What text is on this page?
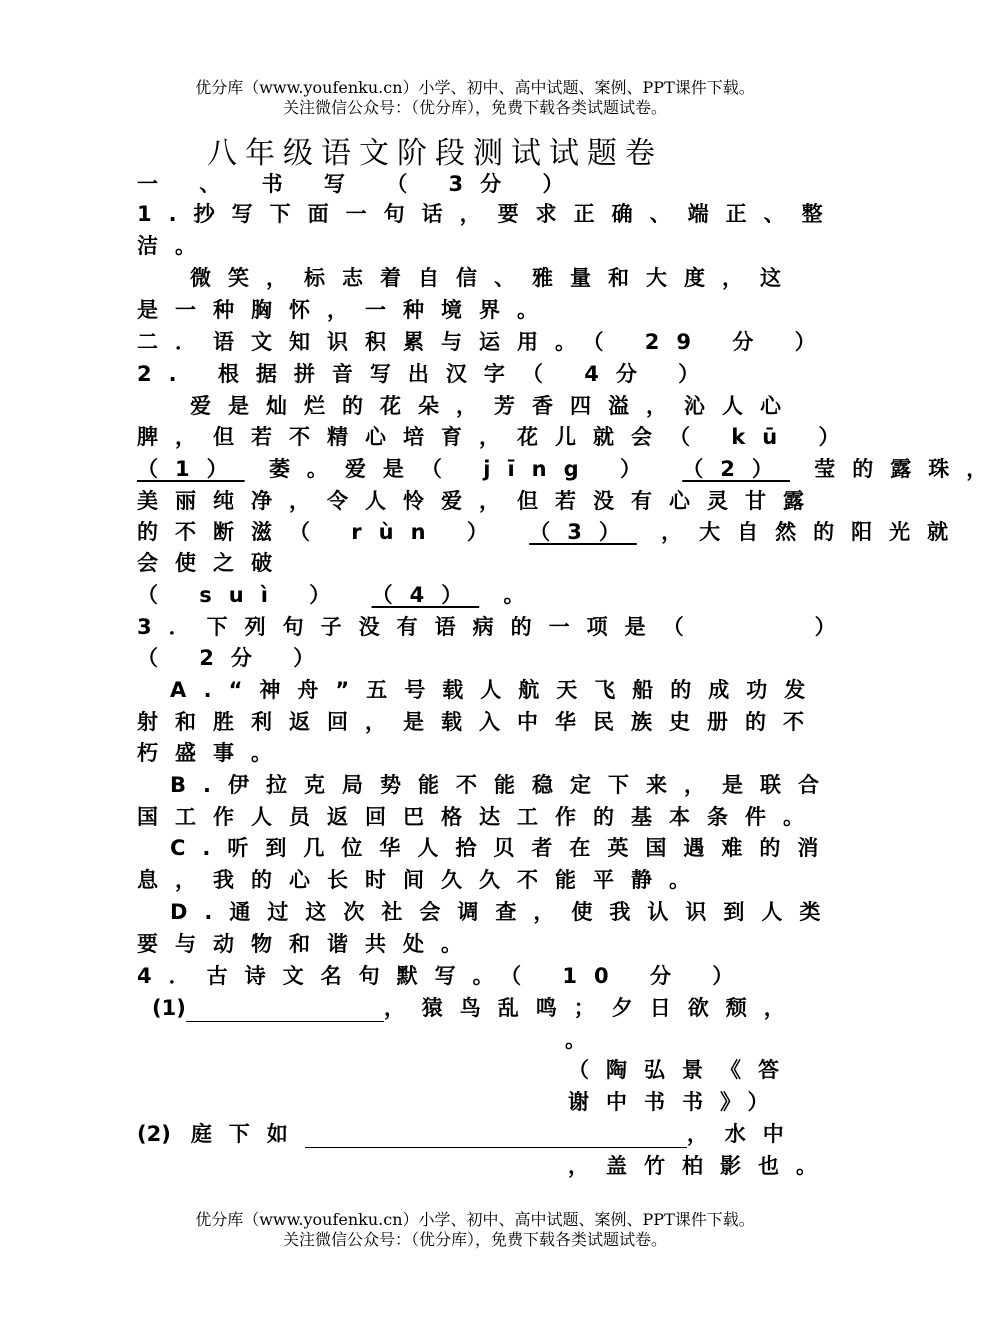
优分库（www.youfenku.cn）小学、初中、高中试题、案例、PPT课件下载。
关注微信公众号：（优分库），免费下载各类试题试卷。
八年级语文阶段测试试题卷
一 、 书 写 （ 3分 ）
1.抄写下面一句话，要求正确、端正、整
洁。
微笑，标志着自信、雅量和大度，这
是一种胸怀，一种境界。
二．语文知识积累与运用。（ 29 分 ）
2. 根据拼音写出汉字（ 4分 ）
爱是灿烂的花朵，芳香四溢，沁人心
脾，但若不精心培育，花儿就会（ kū ）
（1） 萎。爱是（ jīng ） （2） 莹的露珠，
美丽纯净，令人怜爱，但若没有心灵甘露
的不断滋（ rùn ） （3） ，大自然的阳光就
会使之破
（ suì ） （4） 。
3．下列句子没有语病的一项是（　　　）
（ 2分 ）
A.“神舟”五号载人航天飞船的成功发
射和胜利返回，是载入中华民族史册的不
朽盛事。
B.伊拉克局势能不能稳定下来，是联合
国工作人员返回巴格达工作的基本条件。
C.听到几位华人拾贝者在英国遇难的消
息，我的心长时间久久不能平静。
D.通过这次社会调查，使我认识到人类
要与动物和谐共处。
4．古诗文名句默写。（ 10 分 ）
(1)	，猿鸟乱鸣；夕日欲颓，
。
（陶弘景《答
谢中书书》）
(2) 庭下如	，水中
，盖竹柏影也。
优分库（www.youfenku.cn）小学、初中、高中试题、案例、PPT课件下载。
关注微信公众号：（优分库），免费下载各类试题试卷。
